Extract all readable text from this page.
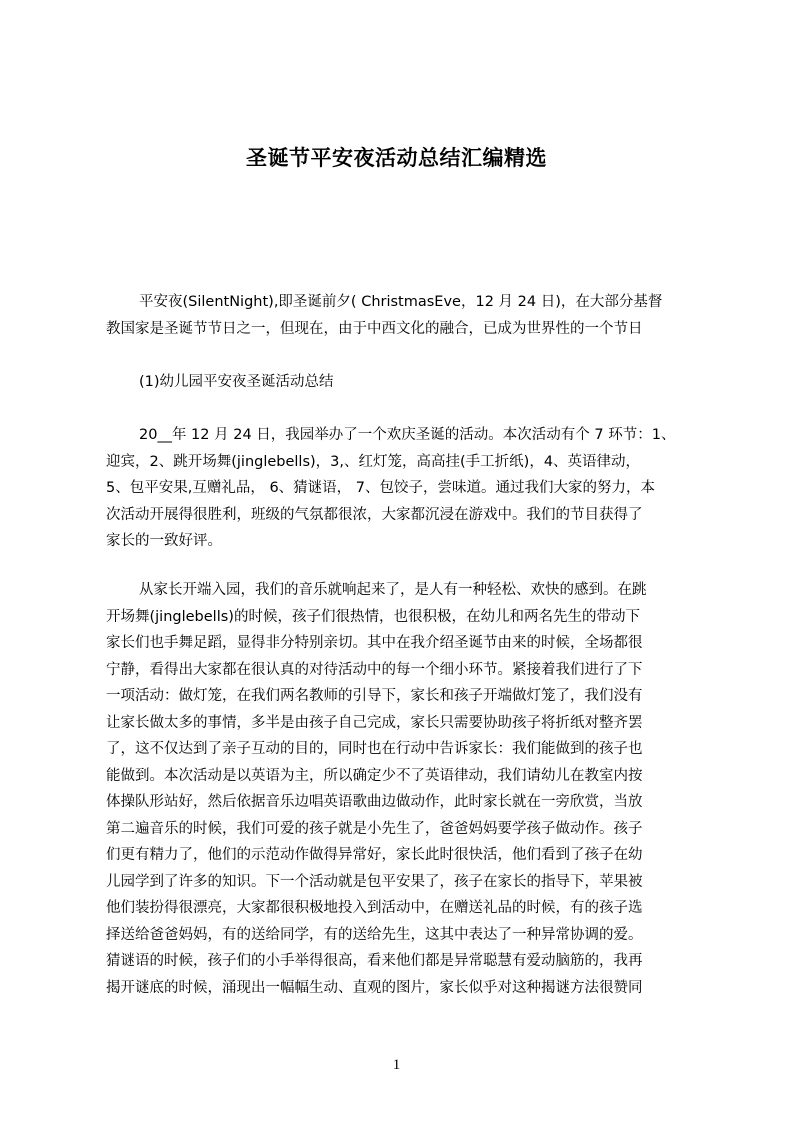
圣诞节平安夜活动总结汇编精选
平安夜(SilentNight),即圣诞前夕( ChristmasEve，12 月 24 日)，在大部分基督
教国家是圣诞节节日之一，但现在，由于中西文化的融合，已成为世界性的一个节日
(1)幼儿园平安夜圣诞活动总结
20__年 12 月 24 日，我园举办了一个欢庆圣诞的活动。本次活动有个 7 环节：1、
迎宾，2、跳开场舞(jinglebells)，3,、红灯笼，高高挂(手工折纸)，4、英语律动，
5、包平安果,互赠礼品， 6、猜谜语， 7、包饺子，尝味道。通过我们大家的努力，本
次活动开展得很胜利，班级的气氛都很浓，大家都沉浸在游戏中。我们的节目获得了
家长的一致好评。
从家长开端入园，我们的音乐就响起来了，是人有一种轻松、欢快的感到。在跳
开场舞(jinglebells)的时候，孩子们很热情，也很积极，在幼儿和两名先生的带动下
家长们也手舞足蹈，显得非分特别亲切。其中在我介绍圣诞节由来的时候，全场都很
宁静，看得出大家都在很认真的对待活动中的每一个细小环节。紧接着我们进行了下
一项活动：做灯笼，在我们两名教师的引导下，家长和孩子开端做灯笼了，我们没有
让家长做太多的事情，多半是由孩子自己完成，家长只需要协助孩子将折纸对整齐罢
了，这不仅达到了亲子互动的目的，同时也在行动中告诉家长：我们能做到的孩子也
能做到。本次活动是以英语为主，所以确定少不了英语律动，我们请幼儿在教室内按
体操队形站好，然后依据音乐边唱英语歌曲边做动作，此时家长就在一旁欣赏，当放
第二遍音乐的时候，我们可爱的孩子就是小先生了，爸爸妈妈要学孩子做动作。孩子
们更有精力了，他们的示范动作做得异常好，家长此时很快活，他们看到了孩子在幼
儿园学到了许多的知识。下一个活动就是包平安果了，孩子在家长的指导下，苹果被
他们装扮得很漂亮，大家都很积极地投入到活动中，在赠送礼品的时候，有的孩子选
择送给爸爸妈妈，有的送给同学，有的送给先生，这其中表达了一种异常协调的爱。
猜谜语的时候，孩子们的小手举得很高，看来他们都是异常聪慧有爱动脑筋的，我再
揭开谜底的时候，涌现出一幅幅生动、直观的图片，家长似乎对这种揭谜方法很赞同
1
